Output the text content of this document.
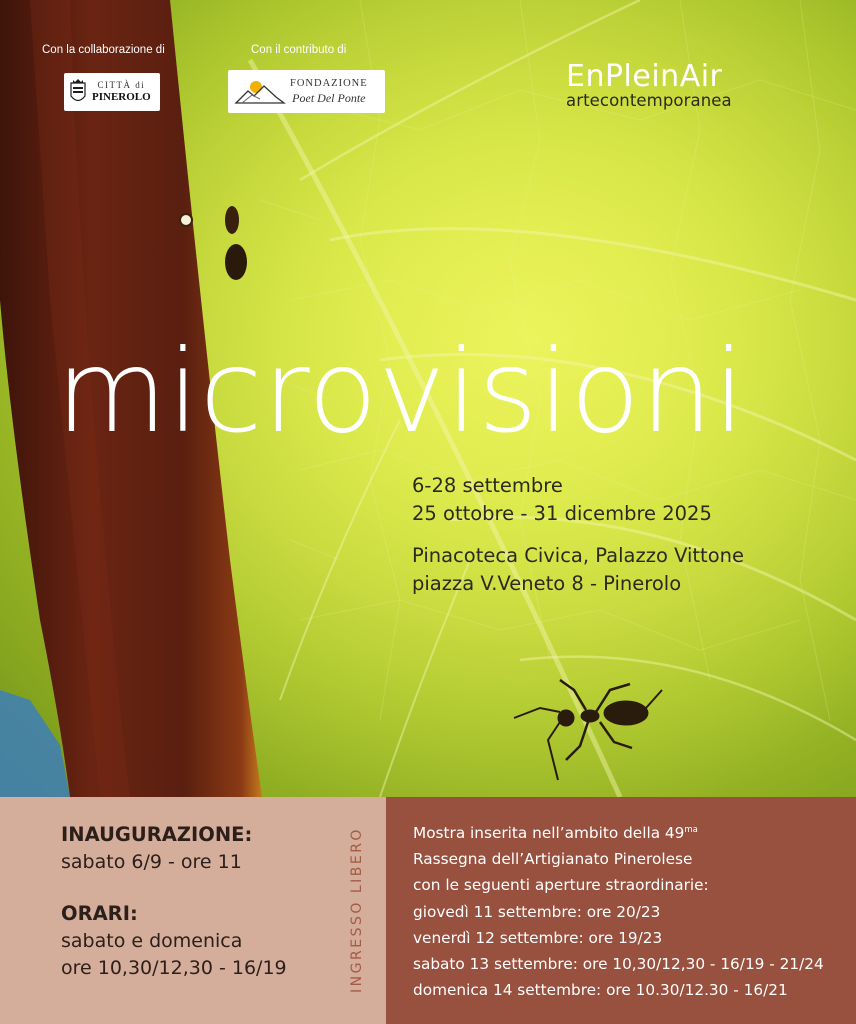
Con la collaborazione di	Con il contributo di
CITTÀ di
PINEROLO
FONDAZIONE
Poet Del Ponte
EnPleinAir
artecontemporanea
microvisioni
6-28 settembre
25 ottobre - 31 dicembre 2025
Pinacoteca Civica, Palazzo Vittone
piazza V.Veneto 8 - Pinerolo
INAUGURAZIONE:
sabato 6/9 - ore 11
ORARI:
sabato e domenica
ore 10,30/12,30 - 16/19	INGRESSO LIBERO	Mostra inserita nell’ambito della $49^{ma}$
Rassegna dell’Artigianato Pinerolese
con le seguenti aperture straordinarie:
giovedì 11 settembre: ore 20/23
venerdì 12 settembre: ore 19/23
sabato 13 settembre: ore 10,30/12,30 - 16/19 - 21/24
domenica 14 settembre: ore 10.30/12.30 - 16/21
